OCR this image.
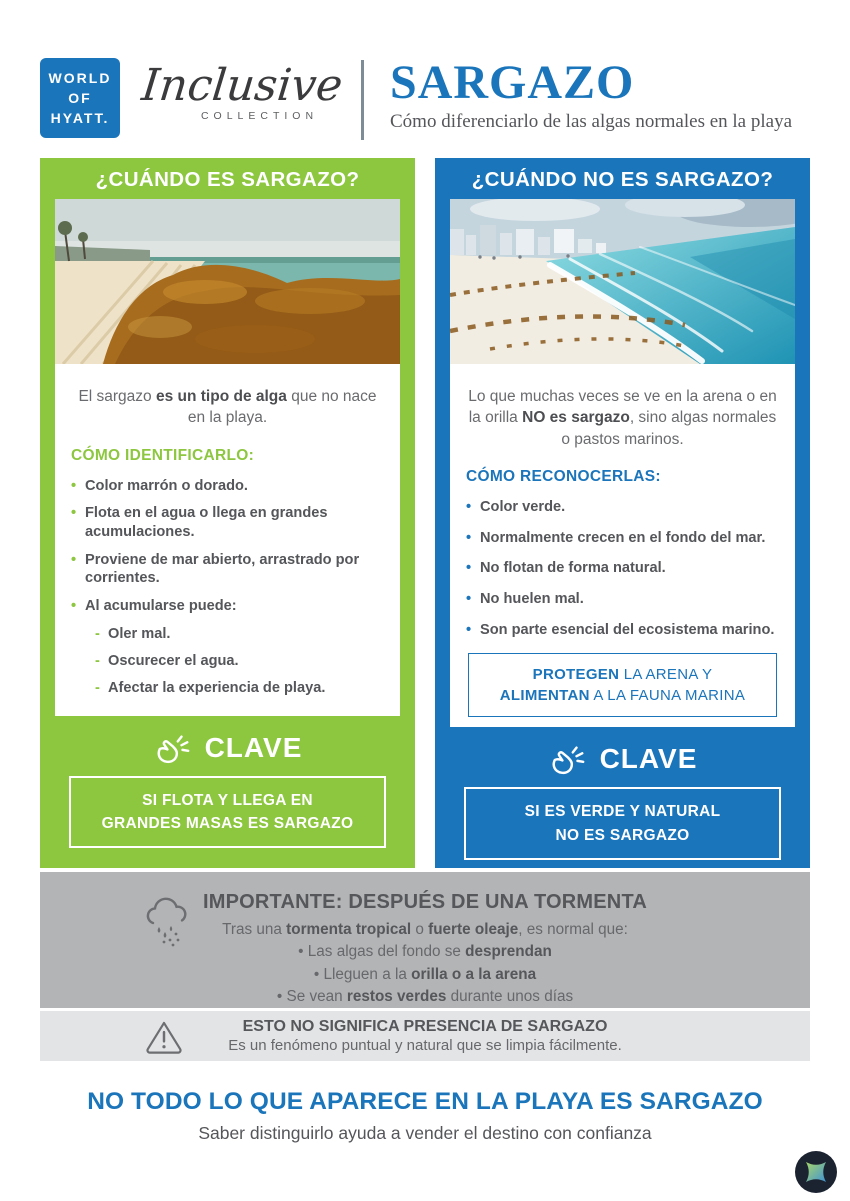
WORLD
OF
HYATT.
Inclusive
COLLECTION
SARGAZO
Cómo diferenciarlo de las algas normales en la playa
¿CUÁNDO ES SARGAZO?
El sargazo es un tipo de alga que no nace en la playa.
CÓMO IDENTIFICARLO:
• Color marrón o dorado.
• Flota en el agua o llega en grandes acumulaciones.
• Proviene de mar abierto, arrastrado por corrientes.
• Al acumularse puede:
- Oler mal.
- Oscurecer el agua.
- Afectar la experiencia de playa.
CLAVE
SI FLOTA Y LLEGA EN
GRANDES MASAS ES SARGAZO
¿CUÁNDO NO ES SARGAZO?
Lo que muchas veces se ve en la arena o en la orilla NO es sargazo, sino algas normales o pastos marinos.
CÓMO RECONOCERLAS:
• Color verde.
• Normalmente crecen en el fondo del mar.
• No flotan de forma natural.
• No huelen mal.
• Son parte esencial del ecosistema marino.
PROTEGEN LA ARENA Y
ALIMENTAN A LA FAUNA MARINA
CLAVE
SI ES VERDE Y NATURAL
NO ES SARGAZO
IMPORTANTE: DESPUÉS DE UNA TORMENTA
Tras una tormenta tropical o fuerte oleaje, es normal que:
• Las algas del fondo se desprendan
• Lleguen a la orilla o a la arena
• Se vean restos verdes durante unos días
ESTO NO SIGNIFICA PRESENCIA DE SARGAZO
Es un fenómeno puntual y natural que se limpia fácilmente.
NO TODO LO QUE APARECE EN LA PLAYA ES SARGAZO
Saber distinguirlo ayuda a vender el destino con confianza
